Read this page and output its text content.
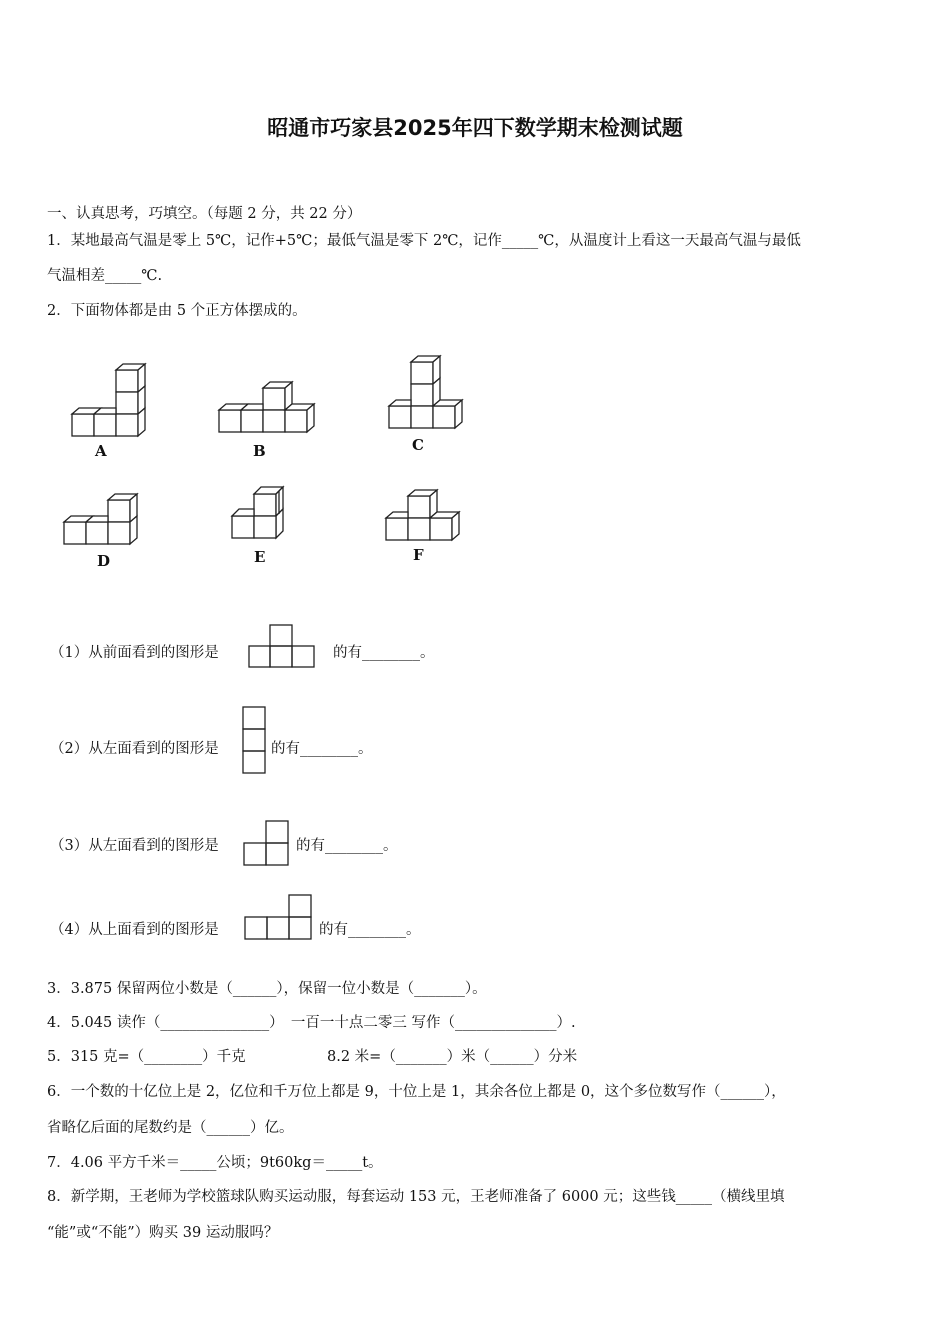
昭通市巧家县2025年四下数学期末检测试题
一、认真思考，巧填空。（每题 2 分，共 22 分）
1．某地最高气温是零上 5℃，记作+5℃；最低气温是零下 2℃，记作_____℃，从温度计上看这一天最高气温与最低
气温相差_____℃.
2．下面物体都是由 5 个正方体摆成的。
A	B	C
D	E	F
（1）从前面看到的图形是	的有________。
（2）从左面看到的图形是	的有________。
（3）从左面看到的图形是	的有________。
（4）从上面看到的图形是	的有________。
3．3.875 保留两位小数是（______），保留一位小数是（_______）。
4．5.045 读作（_______________）　一百一十点二零三 写作（______________）.
5．315 克=（________）千克	8.2 米=（_______）米（______）分米
6．一个数的十亿位上是 2，亿位和千万位上都是 9，十位上是 1，其余各位上都是 0，这个多位数写作（______），
省略亿后面的尾数约是（______）亿。
7．4.06 平方千米＝_____公顷；9t60kg＝_____t。
8．新学期，王老师为学校篮球队购买运动服，每套运动 153 元，王老师准备了 6000 元；这些钱_____（横线里填
“能”或“不能”）购买 39 运动服吗？
